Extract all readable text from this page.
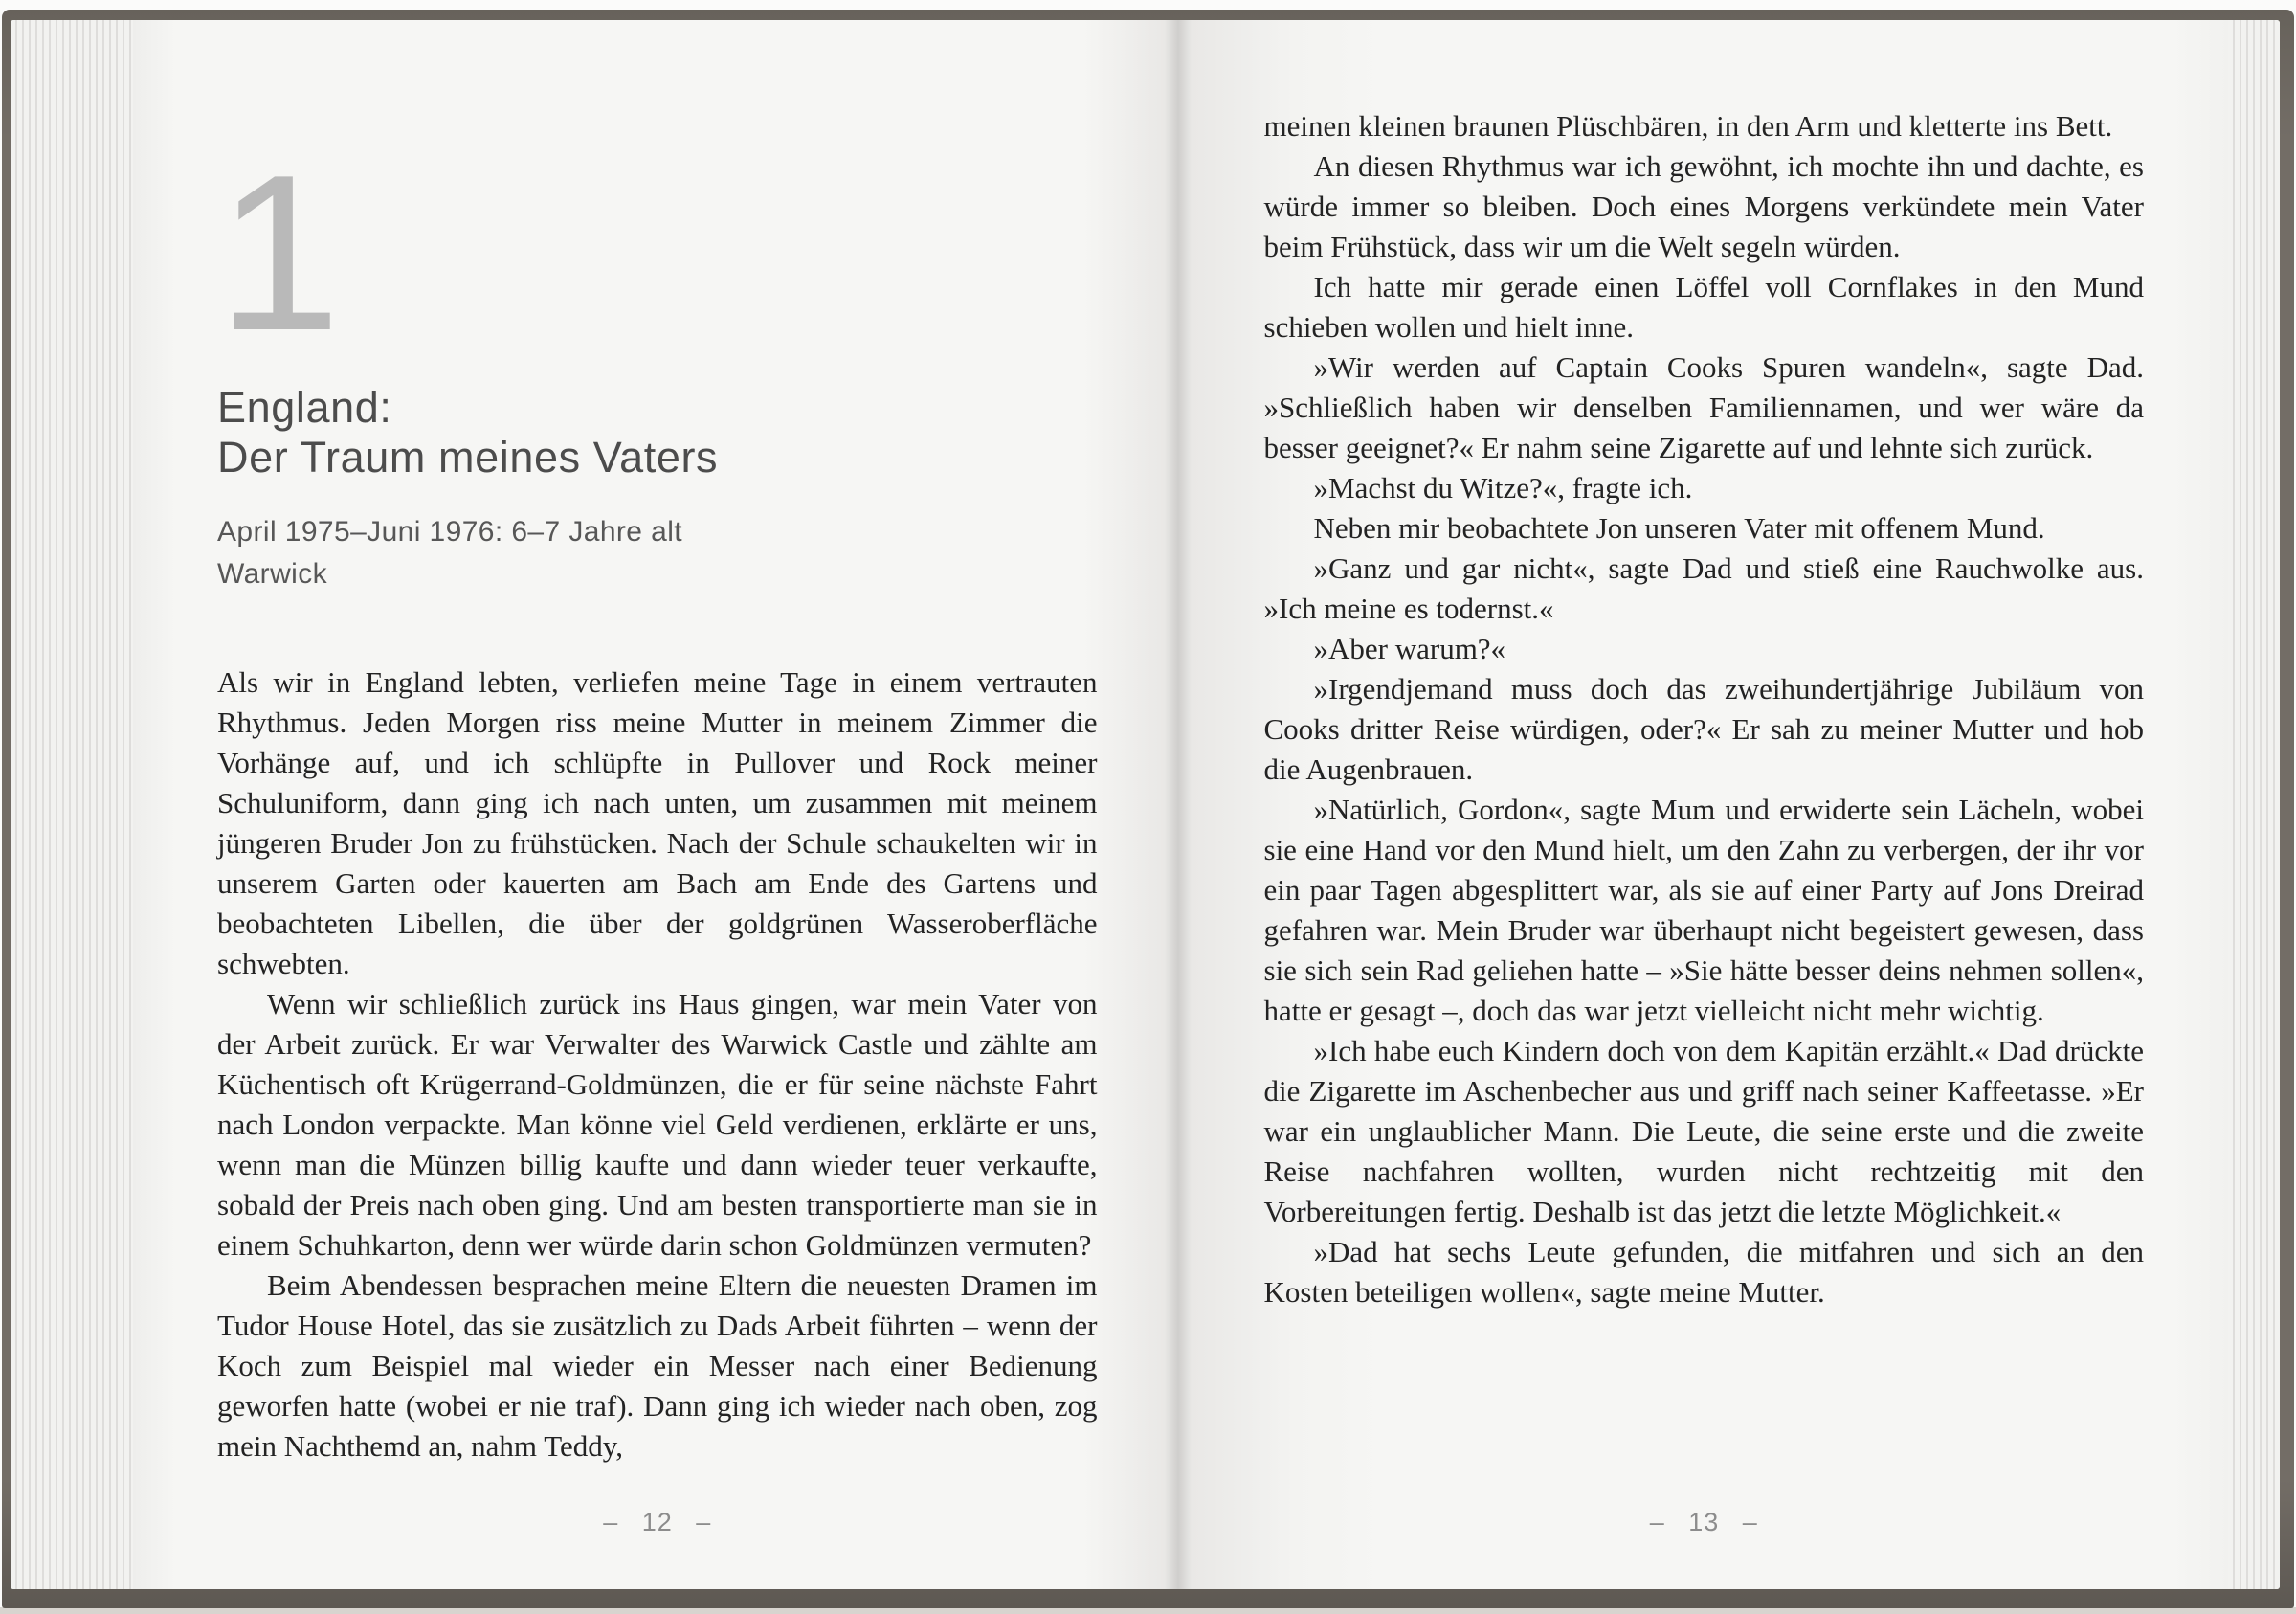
1
England:
Der Traum meines Vaters
April 1975–Juni 1976: 6–7 Jahre alt
Warwick

Als wir in England lebten, verliefen meine Tage in einem vertrauten Rhythmus. Jeden Morgen riss meine Mutter in meinem Zimmer die Vorhänge auf, und ich schlüpfte in Pullover und Rock meiner Schuluniform, dann ging ich nach unten, um zusammen mit meinem jüngeren Bruder Jon zu frühstücken. Nach der Schule schaukelten wir in unserem Garten oder kauerten am Bach am Ende des Gartens und beobachteten Libellen, die über der goldgrünen Wasseroberfläche schwebten.

Wenn wir schließlich zurück ins Haus gingen, war mein Vater von der Arbeit zurück. Er war Verwalter des Warwick Castle und zählte am Küchentisch oft Krügerrand-Goldmünzen, die er für seine nächste Fahrt nach London verpackte. Man könne viel Geld verdienen, erklärte er uns, wenn man die Münzen billig kaufte und dann wieder teuer verkaufte, sobald der Preis nach oben ging. Und am besten transportierte man sie in einem Schuhkarton, denn wer würde darin schon Goldmünzen vermuten?

Beim Abendessen besprachen meine Eltern die neuesten Dramen im Tudor House Hotel, das sie zusätzlich zu Dads Arbeit führten – wenn der Koch zum Beispiel mal wieder ein Messer nach einer Bedienung geworfen hatte (wobei er nie traf). Dann ging ich wieder nach oben, zog mein Nachthemd an, nahm Teddy,

– 12 –

meinen kleinen braunen Plüschbären, in den Arm und kletterte ins Bett.

An diesen Rhythmus war ich gewöhnt, ich mochte ihn und dachte, es würde immer so bleiben. Doch eines Morgens verkündete mein Vater beim Frühstück, dass wir um die Welt segeln würden.

Ich hatte mir gerade einen Löffel voll Cornflakes in den Mund schieben wollen und hielt inne.

»Wir werden auf Captain Cooks Spuren wandeln«, sagte Dad. »Schließlich haben wir denselben Familiennamen, und wer wäre da besser geeignet?« Er nahm seine Zigarette auf und lehnte sich zurück.

»Machst du Witze?«, fragte ich.

Neben mir beobachtete Jon unseren Vater mit offenem Mund.

»Ganz und gar nicht«, sagte Dad und stieß eine Rauchwolke aus. »Ich meine es todernst.«

»Aber warum?«

»Irgendjemand muss doch das zweihundertjährige Jubiläum von Cooks dritter Reise würdigen, oder?« Er sah zu meiner Mutter und hob die Augenbrauen.

»Natürlich, Gordon«, sagte Mum und erwiderte sein Lächeln, wobei sie eine Hand vor den Mund hielt, um den Zahn zu verbergen, der ihr vor ein paar Tagen abgesplittert war, als sie auf einer Party auf Jons Dreirad gefahren war. Mein Bruder war überhaupt nicht begeistert gewesen, dass sie sich sein Rad geliehen hatte – »Sie hätte besser deins nehmen sollen«, hatte er gesagt –, doch das war jetzt vielleicht nicht mehr wichtig.

»Ich habe euch Kindern doch von dem Kapitän erzählt.« Dad drückte die Zigarette im Aschenbecher aus und griff nach seiner Kaffeetasse. »Er war ein unglaublicher Mann. Die Leute, die seine erste und die zweite Reise nachfahren wollten, wurden nicht rechtzeitig mit den Vorbereitungen fertig. Deshalb ist das jetzt die letzte Möglichkeit.«

»Dad hat sechs Leute gefunden, die mitfahren und sich an den Kosten beteiligen wollen«, sagte meine Mutter.

– 13 –
